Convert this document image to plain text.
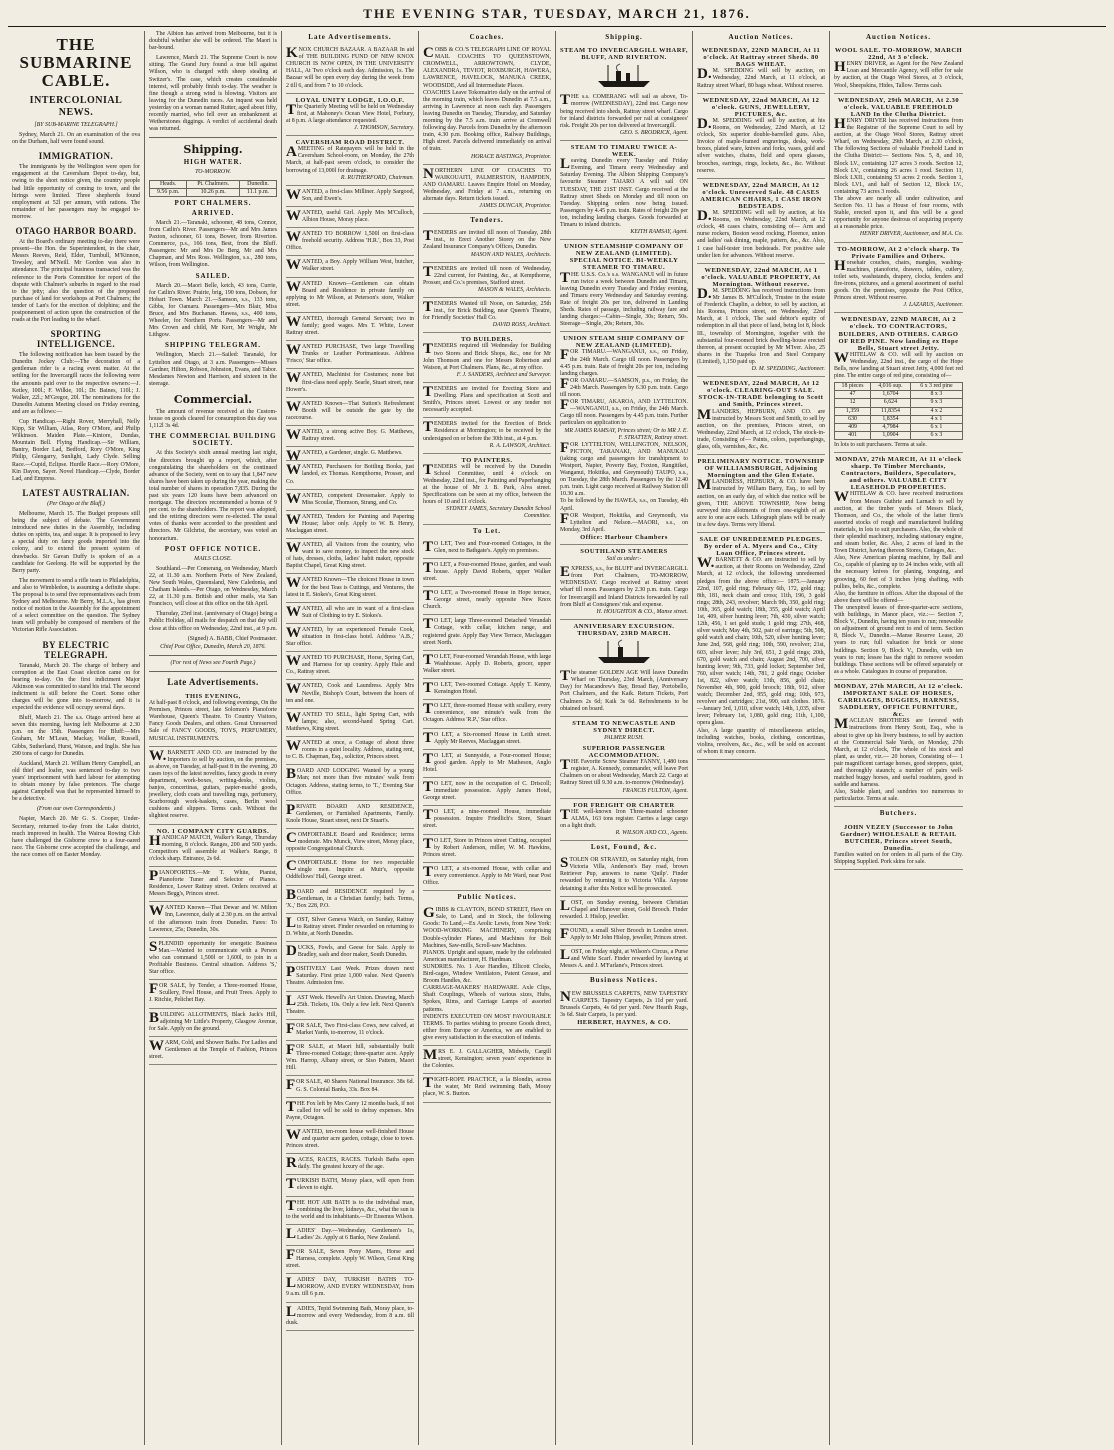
THE EVENING STAR, TUESDAY, MARCH 21, 1876.
THE SUBMARINE CABLE.
INTERCOLONIAL NEWS.
[BY SUB-MARINE TELEGRAPH.]

Sydney, March 21. On an examination of the ova on the Durham, half were found sound.

IMMIGRATION.

The immigrants by the Wellington were open for engagement at the Caversham Depot to-day, but, owing to the short notice given, the country people had little opportunity of coming to town, and the hirings were limited. Three shepherds found employment at 52l per annum, with rations. The remainder of her passengers may be engaged to-morrow.

OTAGO HARBOR BOARD.

At the Board's ordinary meeting to-day there were present—the Hon. the Superintendent, in the chair, Messrs Reeves, Reid, Elder, Turnbull, M'Kinnon, Towsley, and M'Neill. Mr Gordon was also in attendance. The principal business transacted was the reference to the Ports Committee for report of the dispute with Chalmer's suburbs in regard to the road to the jetty; also the question of the proposed purchase of land for workshops at Port Chalmers; the tender of Lan's for the erection of dolphins; and the postponement of action upon the construction of the roads at the Port leading to the wharf.

SPORTING INTELLIGENCE.

The following notification has been issued by the Dunedin Jockey Club:—The decoration of a gentleman rider is a racing event matter. At the settling for the Invercargill races the following were the amounts paid over to the respective owners:—J. Ketley, 100l.; F. Wilkie, 10l.; Dr. Baines, 110l.; J. Walker, 22l.; M'Gregor, 20l. The nominations for the Dunedin Autumn Meeting closed on Friday evening, and are as follows:—

Cup Handicap.—Right Rover, Merryhall, Nelly Kipp, Sir William, Atlas, Rory O'More, and Philip Wilkinson. Maiden Plate.—Kintore, Dundas, Mountain Bell. Flying Handicap.—Sir William, Bantry, Border Lad, Bedford, Rory O'More, King Philip, Glengarry, Sunlight, Lady Clyde. Selling Race.—Cupid, Eclipse. Hurdle Race.—Rory O'More, Kin Dayon, Sayer. Novel Handicap.—Clyde, Border Lad, and Empress.

LATEST AUSTRALIAN.
(Per Otago at the Bluff.)

Melbourne, March 15. The Budget proposes still being the subject of debate. The Government introduced new duties in the Assembly, including duties on spirits, tea, and sugar. It is proposed to levy a special duty on fancy goods imported into the colony, and to extend the present system of drawbacks. Sir Gavan Duffy is spoken of as a candidate for Geelong. He will be supported by the Berry party.

The movement to send a rifle team to Philadelphia, and also to Wimbledon, is assuming a definite shape. The proposal is to send five representatives each from Sydney and Melbourne. Mr Berry, M.L.A., has given notice of motion in the Assembly for the appointment of a select committee on the question. The Sydney team will probably be composed of members of the Victorian Rifle Association.

BY ELECTRIC TELEGRAPH.

Taranaki, March 20. The charge of bribery and corruption at the East Coast election came on for hearing to-day. On the first indictment Major Atkinson was committed to stand his trial. The second indictment is still before the Court. Some other charges will be gone into to-morrow, and it is expected the evidence will occupy several days.

Bluff, March 21. The s.s. Otago arrived here at seven this morning, having left Melbourne at 2.30 p.m. on the 15th. Passengers for Bluff:—Mrs Graham, Mr M'Lean, Mackay, Walker, Russell, Gibbs, Sutherland, Hurst, Watson, and Inglis. She has 290 tons of cargo for Dunedin.

Auckland, March 21. William Henry Campbell, an old thief and loafer, was sentenced to-day to two years' imprisonment with hard labour for attempting to obtain money by false pretences. The charge against Campbell was that he represented himself to be a detective.

(From our own Correspondents.)

Napier, March 20. Mr G. S. Cooper, Under-Secretary, returned to-day from the Lake district, much improved in health. The Wairoa Rowing Club have challenged the Gisborne crew to a four-oared race. The Gisborne crew accepted the challenge, and the race comes off on Easter Monday.

The Albion has arrived from Melbourne, but it is doubtful whether she will be ordered. The Maori is bar-bound.

Lawrence, March 21. The Supreme Court is now sitting. The Grand Jury found a true bill against Wilson, who is charged with sheep stealing at Switzer's. The case, which creates considerable interest, will probably finish to-day. The weather is fine though a strong wind is blowing. Visitors are leaving for the Dunedin races. An inquest was held yesterday on a woman named Rutter, aged about fifty, recently married, who fell over an embankment at Wetherstones diggings. A verdict of accidental death was returned.

Shipping.
HIGH WATER.
TO-MORROW.
Heads.	Pt. Chalmers.	Dunedin.
9.56 p.m.	10.26 p.m.	11.1 p.m.
PORT CHALMERS.
ARRIVED.

March 21.—Taranaki, schooner, 48 tons, Connor, from Catlin's River. Passengers—Mr and Mrs James Paxton, schooner, 61 tons, Bower, from Riverton. Commerce, p.s., 166 tons, Best, from the Bluff. Passengers: Mr and Mrs De Berg, Mr and Mrs Chapman, and Mrs Ross. Wellington, s.s., 280 tons, Wilson, from Wellington.

SAILED.

March 20.—Maori Belle, ketch, 43 tons, Currie, for Catlin's River. Prairie, brig, 190 tons, Dobson, for Hobart Town. March 21.—Samson, s.s., 133 tons, Gibbs, for Oamaru. Passengers—Mrs Blair, Miss Bruce, and Mrs Buchanan. Hawea, s.s., 400 tons, Wheeler, for Northern Ports. Passengers—Mr and Mrs Crown and child, Mr Kerr, Mr Wright, Mr Lithgow.

SHIPPING TELEGRAM.

Wellington, March 21.—Sailed: Taranaki, for Lyttelton and Otago, at 3 a.m. Passengers—Misses Gardner, Hilton, Robson, Johnston, Evans, and Tabor. Mesdames Newton and Harrison, and sixteen in the steerage.

Commercial.

The amount of revenue received at the Custom-house on goods cleared for consumption this day was 1,112l 3s 4d.

THE COMMERCIAL BUILDING SOCIETY.

At this Society's sixth annual meeting last night, the directors brought up a report, which, after congratulating the shareholders on the continued advance of the Society, went on to say that 1,847 new shares have been taken up during the year, making the total number of shares in operation 7,835. During the past six years 120 loans have been advanced on mortgage. The directors recommended a bonus of 9 per cent. to the shareholders. The report was adopted, and the retiring directors were re-elected. The usual votes of thanks were accorded to the president and directors. Mr Gilchrist, the secretary, was voted an honorarium.

POST OFFICE NOTICE.
MAILS CLOSE.

Southland.—Per Comerang, on Wednesday, March 22, at 11.30 a.m. Northern Ports of New Zealand, New South Wales, Queensland, New Caledonia, and Chatham Islands.—Per Otago, on Wednesday, March 22, at 11.30 p.m. British and other mails, via San Francisco, will close at this office on the 6th April.

Thursday, 23rd inst. (anniversary of Otago) being a Public Holiday, all mails for despatch on that day will close at this office on Wednesday, 22nd inst., at 9 p.m.

(Signed) A. BABB, Chief Postmaster.
Chief Post Office, Dunedin, March 20, 1876.
(For rest of News see Fourth Page.)
Late Advertisements.
THIS EVENING,
At half-past 8 o'clock, and following evenings, On the Premises, Princes street, late Solomon's Pianoforte Warehouse, Queen's Theatre. To Country Visitors, Fancy Goods Dealers, and others. Great Unreserved Sale of FANCY GOODS, TOYS, PERFUMERY, MUSICAL INSTRUMENTS.
W.BARNETT AND CO. are instructed by the Importers to sell by auction, on the premises, as above, on Tuesday, at half-past 8 in the evening, 20 cases toys of the latest novelties, fancy goods in every department, work-boxes, writing-desks, violins, banjos, concertinas, guitars, papier-maché goods, jewellery, cloth coats and travelling rugs, perfumery, Scarborough work-baskets, cases, Berlin wool cushions and slippers. Terms cash. Without the slightest reserve.
NO. 1 COMPANY CITY GUARDS.
HANDICAP MATCH, Walker's Range, Thursday morning, 8 o'clock. Ranges, 200 and 500 yards. Competitors will assemble at Walker's Range, 8 o'clock sharp. Entrance, 2s 6d.
PIANOFORTES.—Mr T. White, Pianist, Pianoforte Tuner and Selector of Pianos. Residence, Lower Rattray street. Orders received at Messrs Begg's, Princes street.
WANTED Known—That Dewar and W. Milton Inn, Lawrence, daily at 2.30 p.m. on the arrival of the afternoon train from Dunedin. Fares: To Lawrence, 25s; Dunedin, 30s.
SPLENDID opportunity for energetic Business Man.—Wanted to communicate with a Person who can command 1,500l or 1,600l, to join in a Profitable Business. Central situation. Address 'S,' Star office.
FOR SALE, by Tender, a Three-roomed House, Scullery, Fowl House, and Fruit Trees. Apply to J. Ritchie, Pelichet Bay.
BUILDING ALLOTMENTS, Black Jack's Hill, adjoining Mr Little's Property, Glasgow Avenue, for Sale. Apply on the ground.
WARM, Cold, and Shower Baths. For Ladies and Gentlemen at the Temple of Fashion, Princes street.
Late Advertisements.
KNOX CHURCH BAZAAR. A BAZAAR In aid of THE BUILDING FUND OF NEW KNOX CHURCH IS NOW OPEN, IN THE UNIVERSITY HALL, At Two o'clock each day. Admission, 1s. The Bazaar will be open every day during the week from 2 till 6, and from 7 to 10 o'clock.
LOYAL UNITY LODGE, I.O.O.F.
The Quarterly Meeting will be held on Wednesday first, at Mahoney's Ocean View Hotel, Forbury, at 8 p.m. A large attendance requested.
J. THOMSON, Secretary.
CAVERSHAM ROAD DISTRICT.
AMEETING of Ratepayers will be held in the Caversham School-room, on Monday, the 27th March, at half-past seven o'clock, to consider the borrowing of 13,000l for drainage.
R. RUTHERFORD, Chairman.
WANTED, a first-class Milliner. Apply Sargood, Son, and Ewen's.
WANTED, useful Girl. Apply Mrs M'Culloch, Albion House, Moray place.
WANTED TO BORROW 1,500l on first-class freehold security. Address 'H.R.', Box 33, Post Office.
WANTED, a Boy. Apply William West, butcher, Walker street.
WANTED Known—Gentlemen can obtain Board and Residence in private family on applying to Mr Wilson, at Peterson's store, Walker street.
WANTED, thorough General Servant; two in family; good wages. Mrs T. White, Lower Rattray street.
WANTED PURCHASE, Two large Travelling Trunks or Leather Portmanteaus. Address 'Frisco,' Star office.
WANTED, Machinist for Costumes; none but first-class need apply. Searle, Stuart street, near Hower's.
WANTED Known—That Sutton's Refreshment Booth will be outside the gate by the racecourse.
WANTED, a strong active Boy. G. Matthews, Rattray street.
WANTED, a Gardener, single. G. Matthews.
WANTED, Purchasers for Bottling Books, just landed, ex Thomas. Kempthorne, Prosser, and Co.
WANTED, competent Dressmaker. Apply to Miss Scoular, Thomson, Strang, and Co.
WANTED, Tenders for Painting and Papering House; labor only. Apply to W. B. Henry, Maclaggan street.
WANTED, all Visitors from the country, who want to save money, to inspect the new stock of hats, dresses, cloths, ladies' habit maker, opposite Baptist Chapel, Great King street.
WANTED Known—The choicest House in town for the best Teas is Cuttings, and Ventures, the latest in E. Stokes's, Great King street.
WANTED, all who are in want of a first-class Suit of Clothing to try E. Stokes's.
WANTED, by an experienced Female Cook, situation in first-class hotel. Address 'A.B.,' Star office.
WANTED TO PURCHASE, Horse, Spring Cart, and Harness for up country. Apply Hale and Co., Rattray street.
WANTED, Cook and Laundress. Apply Mrs Neville, Bishop's Court, between the hours of ten and one.
WANTED TO SELL, light Spring Cart, with lamps; also, second-hand Spring Cart. Matthews, King street.
WANTED at once, a Cottage of about three rooms in a quiet locality. Address, stating rent, to C. B. Chapman, Esq., solicitor, Princes street.
BOARD AND LODGING Wanted by a young Man; not more than five minutes' walk from Octagon. Address, stating terms, to 'T.,' Evening Star Office.
PRIVATE BOARD AND RESIDENCE, Gentlemen, or Furnished Apartments, Family. Knole House, Stuart street, next Dr Stuart's.
COMFORTABLE Board and Residence; terms moderate. Mrs Munck, View street, Moray place, opposite Congregational Church.
COMFORTABLE Home for two respectable single men. Inquire at Muir's, opposite Oddfellows' Hall, George street.
BOARD and RESIDENCE required by a Gentleman, in a Christian family; bath. Terms, 'X.,' Box 228, P.O.
LOST, Silver Geneva Watch, on Sunday, Rattray to Rattray street. Finder rewarded on returning to D. White, at North Dunedin.
DUCKS, Fowls, and Geese for Sale. Apply to Bradley, sash and door maker, South Dunedin.
POSITIVELY Last Week. Prizes drawn next Saturday. First prize 1,000 value. Next Queen's Theatre. Admission free.
LAST Week. Hewell's Art Union. Drawing, March 25th. Tickets, 10s. Only a few left. Next Queen's Theatre.
FOR SALE, Two First-class Cows, new calved, at Market Yards, to-morrow, 11 o'clock.
FOR SALE, at Maori hill, substantially built Three-roomed Cottage; three-quarter acre. Apply Wm. Harrop, Albany street, or Siso Pattern, Maori Hill.
FOR SALE, 40 Shares National Insurance. 38s 6d. G. S. Colonial Banks, 33s. Box 84.
THE Fox left by Mrs Carey 12 months back, if not called for will be sold to defray expenses. Mrs Payne, Octagon.
WANTED, ten-room house well-finished House and quarter acre garden, cottage, close to town. Princes street.
RACES, RACES, RACES. Turkish Baths open daily. The greatest luxury of the age.
TURKISH BATH, Moray place, will open from eleven to eight.
THE HOT AIR BATH is to the individual man, combining the liver, kidneys, &c., what the sun is to the world and its inhabitants.—Dr Erasmus Wilson.
LADIES' Day.—Wednesday, Gentlemen's 1s, Ladies' 2s. Apply at 6 Banks, New Zealand.
FOR SALE, Seven Pony Mares, Horse and Harness, complete. Apply W. Wilson, Great King street.
LADIES' DAY, TURKISH BATHS TO-MORROW, AND EVERY WEDNESDAY, from 9 a.m. till 6 p.m.
LADIES, Tepid Swimming Bath, Moray place, to-morrow and every Wednesday, from 8 a.m. till dusk.
Coaches.
COBB & CO.'S TELEGRAPH LINE OF ROYAL MAIL COACHES TO QUEENSTOWN, CROMWELL, ARROWTOWN, CLYDE, ALEXANDRA, TEVIOT, ROXBURGH, HAWERA, LAWRENCE, HAVELOCK, MANUKA CREEK, WOODSIDE, And all Intermediate Places.
COACHES Leave Tokomairiro daily on the arrival of the morning train, which leaves Dunedin at 7.5 a.m., arriving in Lawrence at noon each day. Passengers leaving Dunedin on Tuesday, Thursday, and Saturday morning by the 7.5 a.m. train arrive at Cromwell following day. Parcels from Dunedin by the afternoon train, 4.30 p.m. Booking office, Railway Buildings, High street. Parcels delivered immediately on arrival of train.
HORACE BASTINGS, Proprietor.
NORTHERN LINE OF COACHES TO WAIKOUAITI, PALMERSTON, HAMPDEN, AND OAMARU. Leaves Empire Hotel on Monday, Wednesday, and Friday at 7 a.m., returning on alternate days. Return tickets issued.
JAMES DUNCAN, Proprietor.
Tenders.
TENDERS are invited till noon of Tuesday, 28th inst., to Erect Another Storey on the New Zealand Insurance Company's Offices, Dunedin.
MASON AND WALES, Architects.
TENDERS are invited till noon of Wednesday, 22nd current, for Painting, &c., at Kempthorne, Prosser, and Co.'s premises, Stafford street.
MASON & WALES, Architects.
TENDERS Wanted till Noon, on Saturday, 25th inst., for Brick Building, near Queen's Theatre, for Friendly Societies' Hall Co.
DAVID ROSS, Architect.
TO BUILDERS.
TENDERS required till Wednesday for Building two Stores and Brick Shops, &c., one for Mr John Thomson and one for Messrs Robertson and Watson, at Port Chalmers. Plans, &c., at my office.
F. J. SANDERS, Architect and Surveyor.
TENDERS are invited for Erecting Store and Dwelling. Plans and specification at Scott and Smith's, Princes street. Lowest or any tender not necessarily accepted.
TENDERS invited for the Erection of Brick Residence at Mornington; to be received by the undersigned on or before the 30th inst., at 4 p.m.
R. A. LAWSON, Architect.
TO PAINTERS.
TENDERS will be received by the Dunedin School Committee, until 4 o'clock on Wednesday, 22nd inst., for Painting and Paperhanging at the house of Mr J. B. Park, Alva street. Specifications can be seen at my office, between the hours of 10 and 11 o'clock.
SYDNEY JAMES, Secretary Dunedin School Committee.
To Let.
TO LET, Two and Four-roomed Cottages, in the Glen, next to Bathgate's. Apply on premises.
TO LET, a Four-roomed House, garden, and wash house. Apply David Roberts, upper Walker street.
TO LET, a Two-roomed House in Hope terrace, George street, nearly opposite New Knox Church.
TO LET, large Three-roomed Detached Verandah Cottage, with cellar, kitchen range, and registered grate. Apply Bay View Terrace, Maclaggan street North.
TO LET, Four-roomed Verandah House, with large Washhouse. Apply D. Roberts, grocer, upper Walker street.
TO LET, Two-roomed Cottage. Apply T. Kenny, Kensington Hotel.
TO LET, three-roomed House with scullery, every convenience, one minute's walk from the Octagon. Address 'R.P.,' Star office.
TO LET, a Six-roomed House in Leith street. Apply Mr Reeves, Maclaggan street.
TO LET, at Sunnyside, a Four-roomed House; good garden. Apply to Mr Matheson, Anglo Hotel.
TO LET, now in the occupation of C. Driscoll; immediate possession. Apply James Hotel, George street.
TO LET, a nine-roomed House, immediate possession. Inquire Friedlich's Store, Stuart street.
TO LET, Store in Princes street Cutting, occupied by Robert Anderson, miller, W. M. Hawkins, Princes street.
TO LET, a six-roomed House, with cellar and every convenience. Apply to Mr Ward, near Post Office.
Public Notices.
GIBBS & CLAYTON, BOND STREET, Have on Sale, to Land, and in Stock, the following Goods: To Land,—Ex Aeolic Lewis, from New York: WOOD-WORKING MACHINERY, comprising Double-cylinder Planes, and Machines for Bolt Machines, Saw-mills, Scroll-saw Machines.
PIANOS. Upright and square, made by the celebrated American manufacturer, H. Hardman.
SUNDRIES. No. 1 Axe Handles, Ellicott Clocks, Bird-cages, Window Ventilators, Patent Grease, and Broom Handles, &c.
CARRIAGE-MAKERS' HARDWARE. Axle Clips, Shaft Couplings, Wheels of various sizes, Hubs, Spokes, Rims, and Carriage Lamps of assorted patterns.
INDENTS EXECUTED ON MOST FAVOURABLE TERMS. To parties wishing to procure Goods direct, either from Europe or America, we are enabled to give every satisfaction in the execution of indents.
MRS E. J. GALLAGHER, Midwife, Cargill street, Kensington; seven years' experience in the Colonies.
TIGHT-ROPE PRACTICE, a la Blondin, across the water, Mr Reid swimming Bath, Moray place, W. S. Burton.
Shipping.
STEAM TO INVERCARGILL WHARF, BLUFF, AND RIVERTON.
THE s.s. COMERANG will sail as above, To-morrow (WEDNESDAY), 22nd inst. Cargo now being received into sheds, Rattray street wharf. Cargo for inland districts forwarded per rail at consignees' risk. Freight 20s per ton delivered at Invercargill.
GEO. S. BRODRICK, Agent.
STEAM TO TIMARU TWICE A-WEEK.
Leaving Dunedin every Tuesday and Friday Evening, and Timaru every Wednesday and Saturday Evening. The Albion Shipping Company's favourite Steamer TAIARO A will sail ON TUESDAY, THE 21ST INST. Cargo received at the Rattray street Sheds on Monday and till noon on Tuesday. Shipping orders now being issued. Passengers by 4.45 p.m. train. Rates of freight 20s per ton, including landing charges. Goods forwarded at Timaru to inland districts.
KEITH RAMSAY, Agent.
UNION STEAMSHIP COMPANY OF NEW ZEALAND (LIMITED).
SPECIAL NOTICE. BI-WEEKLY STEAMER TO TIMARU.
THE U.S.S. Co.'s s.s. WANGANUI will in future run twice a week between Dunedin and Timaru, leaving Dunedin every Tuesday and Friday evening, and Timaru every Wednesday and Saturday evening. Rate of freight 20s per ton, delivered in Landing Sheds. Rates of passage, including railway fare and landing charges:—Cabin—Single, 30s; Return, 50s. Steerage—Single, 20s; Return, 30s.
UNION STEAM SHIP COMPANY OF NEW ZEALAND (LIMITED).
FOR TIMARU.—WANGANUI, s.s., on Friday, the 24th March. Cargo till noon. Passengers by 4.45 p.m. train. Rate of freight 20s per ton, including landing charges.
FOR OAMARU.—SAMSON, p.s., on Friday, the 24th March. Passengers by 6.30 p.m. train. Cargo till noon.
FOR TIMARU, AKAROA, AND LYTTELTON.—WANGANUI, s.s., on Friday, the 24th March. Cargo till noon. Passengers by 4.45 p.m. train. Further particulars on application to
MR JAMES RAMSAY, Princes street; Or to MR J. E. F. STRATTEN, Rattray street.
FOR LYTTELTON, WELLINGTON, NELSON, PICTON, TARANAKI, AND MANUKAU (taking cargo and passengers for transhipment to Westport, Napier, Poverty Bay, Foxton, Rangitikei, Wanganui, Hokitika, and Greymouth) TAUPO, s.s., on Tuesday, the 28th March. Passengers by the 12.40 p.m. train. Light cargo received at Railway Station till 10.30 a.m.
To be followed by the HAWEA, s.s., on Tuesday, 4th April.
FOR Westport, Hokitika, and Greymouth, via Lyttelton and Nelson.—MAORI, s.s., on Monday, 3rd April.
Office: Harbour Chambers
SOUTHLAND STEAMERS
Sail as under:-
EXPRESS, s.s., for BLUFF and INVERCARGILL from Port Chalmers, TO-MORROW, WEDNESDAY. Cargo received at Rattray street wharf till noon. Passengers by 2.30 p.m. train. Cargo for Invercargill and Inland Districts forwarded by rail from Bluff at Consignees' risk and expense.
H. HOUGHTON & CO., Manse street.
ANNIVERSARY EXCURSION. THURSDAY, 23RD MARCH.
The steamer GOLDEN AGE Will leave Dunedin Wharf on Thursday, 23rd March, (Anniversary Day) for Macandrew's Bay, Broad Bay, Portobello, Port Chalmers, and the Kaik. Return Tickets, Port Chalmers 2s 6d; Kaik 3s 6d. Refreshments to be obtained on board.
STEAM TO NEWCASTLE AND SYDNEY DIRECT.
PALMER RUSH.
SUPERIOR PASSENGER ACCOMMODATION.
THE Favorite Screw Steamer FANNY, 1,480 tons register, A. Kennedy, commander, will leave Port Chalmers on or about Wednesday, March 22. Cargo at Rattray Street till 9.30 a.m. to-morrow (Wednesday).
FRANCIS FULTON, Agent.
FOR FREIGHT OR CHARTER
THE well-known Iron Three-masted schooner ALMA, 163 tons register. Carries a large cargo on a light draft.
R. WILSON AND CO., Agents.
Lost, Found, &c.
STOLEN OR STRAYED, on Saturday night, from Victoria Villa, Anderson's Bay road, brown Retriever Pup, answers to name 'Quilp'. Finder rewarded by returning it to Victoria Villa. Anyone detaining it after this Notice will be prosecuted.
LOST, on Sunday evening, between Christian Chapel and Hanover street, Gold Brooch. Finder rewarded. J. Hislop, jeweller.
FOUND, a small Silver Brooch in London street. Apply to Mr John Hislop, jeweller, Princes street.
LOST, on Friday night, at Wilson's Circus, a Purse and White Scarf. Finder rewarded by leaving at Messrs A. and J. M'Farlane's, Princes street.
Business Notices.
NEW BRUSSELS CARPETS, NEW TAPESTRY CARPETS. Tapestry Carpets, 2s 11d per yard. Brussels Carpets, 4s 6d per yard. New Hearth Rugs, 3s 6d. Stair Carpets, 1s per yard.
HERBERT, HAYNES, & CO.
Auction Notices.
WEDNESDAY, 22ND MARCH, At 11 o'clock. At Rattray street Sheds. 80 BAGS WHEAT.
D.M. SPEDDING will sell by auction, on Wednesday, 22nd March, at 11 o'clock, at Rattray street Wharf, 80 bags wheat. Without reserve.
WEDNESDAY, 22nd MARCH, At 12 o'clock. GUNS, JEWELLERY, PICTURES, &c.
D.M. SPEDDING will sell by auction, at his Rooms, on Wednesday, 22nd March, at 12 o'clock, Six superior double-barrelled guns. Also, Invoice of maple-framed engravings, desks, work-boxes, plated ware, knives and forks, vases, gold and silver watches, chains, field and opera glasses, brooches, earrings, rings, lockets, &c., &c. Without reserve.
WEDNESDAY, 22nd MARCH, At 12 o'clock. Unreserved Sale. 48 CASES AMERICAN CHAIRS, 1 CASE IRON BEDSTEADS.
D.M. SPEDDING will sell by auction, at his Rooms, on Wednesday, 22nd March, at 12 o'clock, 48 cases chairs, consisting of— Arm and nurse rockers, Boston wood rocking, Florence, union and ladies' oak dining, maple, pattern, &c., &c. Also, 1 case half-tester iron bedsteads. For positive sale under lien for advances. Without reserve.
WEDNESDAY, 22nd MARCH, At 1 o'clock. VALUABLE PROPERTY, At Mornington. Without reserve.
D.M. SPEDDING has received instructions from Mr James B. M'Culloch, Trustee in the estate of Frederick Chaplin, a debtor, to sell by auction, at his Rooms, Princes street, on Wednesday, 22nd March, at 1 o'clock, The said debtor's equity of redemption in all that piece of land, being lot 8, block III., township of Mornington, together with the substantial four-roomed brick dwelling-house erected thereon, at present occupied by Mr M'Iver. Also, 25 shares in the Tuapeka Iron and Steel Company (Limited), 1,150 paid up.
D. M. SPEDDING, Auctioneer.
WEDNESDAY, 22nd MARCH, At 12 o'clock. CLEARING-OUT SALE. STOCK-IN-TRADE belonging to Scott and Smith, Princes street.
MLANDERS, HEPBURN, AND CO. are instructed by Messrs Scott and Smith, to sell by auction, on the premises, Princes street, on Wednesday, 22nd March, at 12 o'clock, The stock-in-trade, Consisting of— Paints, colors, paperhangings, glass, oils, varnishes, &c., &c.
PRELIMINARY NOTICE. TOWNSHIP OF WILLIAMSBURGH, Adjoining Mornington and the Glen Estate.
MLANDRESS, HEPBURN, & CO. have been instructed by William Barry, Esq., to sell by auction, on an early day, of which due notice will be given, THE ABOVE TOWNSHIP, Now being surveyed into allotments of from one-eighth of an acre to one acre each. Lithograph plans will be ready in a few days. Terms very liberal.
SALE OF UNREDEEMED PLEDGES. By order of A. Myers and Co., City Loan Office, Princes street.
W.BARNETT & CO. are instructed to sell by auction, at their Rooms on Wednesday, 22nd March, at 12 o'clock, the following unredeemed pledges from the above office:— 1875.—January 22nd, 107, gold ring; February 6th, 172, gold ring; 8th, 181, neck chain and cross; 11th, 196, 3 gold rings; 28th, 243, revolver; March 9th, 350, gold ring; 10th, 365, gold watch; 18th, 355, gold watch; April 1st, 409, silver hunting lever; 7th, 430, silver watch; 12th, 456, 1 set gold studs; 1 gold ring; 27th, 468, silver watch; May 4th, 502, pair of earrings; 5th, 508, gold watch and chain; 10th, 520, silver hunting lever; June 2nd, 568, gold ring; 10th, 590, revolver; 21st, 603, silver lever; July 3rd, 651, 2 gold rings; 20th, 670, gold watch and chain; August 2nd, 700, silver hunting lever; 9th, 733, gold locket; September 3rd, 760, silver watch; 14th, 781, 2 gold rings; October 1st, 822, silver watch; 13th, 856, gold chain; November 4th, 900, gold brooch; 18th, 912, silver watch; December 2nd, 955, gold ring; 10th, 973, revolver and cartridges; 21st, 990, suit clothes. 1876.—January 3rd, 1,010, silver watch; 14th, 1,035, silver lever; February 1st, 1,080, gold ring; 11th, 1,100, opera glass.
Also, A large quantity of miscellaneous articles, including watches, books, clothing, concertinas, violins, revolvers, &c., &c., will be sold on account of whom it may concern.
Auction Notices.
WOOL SALE. TO-MORROW, MARCH 22nd, At 3 o'clock.
HENRY DRIVER, as Agent for the New Zealand Loan and Mercantile Agency, will offer for sale by auction, at the Otago Wool Stores, at 3 o'clock, Wool, Sheepskins, Hides, Tallow. Terms cash.
WEDNESDAY, 29th MARCH, At 2.30 o'clock. VALUABLE FREEHOLD LAND In the Clutha District.
HENRY DRIVER has received instructions from the Registrar of the Supreme Court to sell by auction, at the Otago Wool Stores, Rattray street Wharf, on Wednesday, 29th March, at 2.30 o'clock, The following Sections of valuable Freehold Land in the Clutha District:— Sections Nos. 5, 8, and 10, Block LV., containing 127 acres 3 roods. Section 12, Block LV., containing 26 acres 1 rood. Section 11, Block LXII., containing 53 acres 2 roods. Section 1, Block LVI., and half of Section 12, Block LV., containing 73 acres 3 roods.
The above are nearly all under cultivation, and Section No. 11 has a House of four rooms, with Stable, erected upon it, and this will be a good opportunity for anyone desirous of acquiring property at a reasonable price.
HENRY DRIVER, Auctioneer, and M.A. Co.
TO-MORROW, At 2 o'clock sharp. To Private Families and Others.
Horsehair couches, chairs, mangles, washing-machines, pianoforte, drawers, tables, cutlery, toilet sets, washstands, drapery, clocks, fenders and fire-irons, pictures, and a general assortment of useful goods. On the premises, opposite the Post Office, Princes street. Without reserve.
J. LAZARUS, Auctioneer.
WEDNESDAY, 22ND MARCH, At 2 o'clock. TO CONTRACTORS, BUILDERS, AND OTHERS. CARGO OF RED PINE. Now landing ex Hope Bells, Stuart street Jetty.
WHITELAW & CO. will sell by auction on Wednesday, 22nd inst., the cargo of the Hope Bells, now landing at Stuart street Jetty, 4,000 feet red pine. The entire cargo of red pine, consisting of—
18 pieces	4,016 sup.	6 x 3 red pine
47	1,6704	8 x 3
12	6,624	9 x 3
1,359	11,8354	4 x 2
630	1,8354	4 x 1
409	4,7984	6 x 1
401	1,0904	6 x 3
In lots to suit purchasers. Terms at sale.
MONDAY, 27th MARCH, At 11 o'clock sharp. To Timber Merchants, Contractors, Builders, Speculators, and others. VALUABLE CITY LEASEHOLD PROPERTIES.
WHITELAW & CO. have received instructions from Messrs Guthrie and Larnach to sell by auction, at the timber yards of Messrs Black, Thomson, and Co., the whole of the latter firm's assorted stocks of rough and manufactured building materials, in lots to suit purchasers. Also, the whole of their splendid machinery, including stationary engine, and steam boiler, &c. Also, 2 acres of land in the Town District, having thereon Stores, Cottages, &c.
Also, New American planing machine, by Ball and Co., capable of planing up to 24 inches wide, with all the necessary knives for planing, tonguing, and grooving, 60 feet of 3 inches lying shafting, with pullies, belts, &c., complete.
Also, the furniture in offices. After the disposal of the above there will be offered—
The unexpired leases of three-quarter-acre sections, with buildings, in Manor place, viz.:— Section 7, Block V., Dunedin, having ten years to run; renewable on adjustment of ground rent to end of term. Section 8, Block V., Dunedin.—Manse Reserve Lease, 20 years to run; full valuation for brick or stone buildings. Section 9, Block V., Dunedin, with ten years to run; lessee has the right to remove wooden buildings. These sections will be offered separately or as a whole. Catalogues in course of preparation.
MONDAY, 27th MARCH, At 12 o'clock. IMPORTANT SALE OF HORSES, CARRIAGES, BUGGIES, HARNESS, SADDLERY, OFFICE FURNITURE, &c.
MACLEAN BROTHERS are favored with instructions from Henry Scott, Esq., who is about to give up his livery business, to sell by auction at the Commercial Sale Yards, on Monday, 27th March, at 12 o'clock, The whole of his stock and plant, as under, viz.— 20 horses, Consisting of— 1 pair magnificent carriage horses, good steppers, quiet, and thoroughly staunch; a number of pairs well-matched buggy horses, and useful roadsters, good in saddle and harness.
Also, Stable plant, and sundries too numerous to particularize. Terms at sale.
Butchers.
JOHN VEZEY (Successor to John Gardner) WHOLESALE & RETAIL BUTCHER, Princes street South, Dunedin.
Families waited on for orders in all parts of the City. Shipping Supplied. Pork skins for sale.
